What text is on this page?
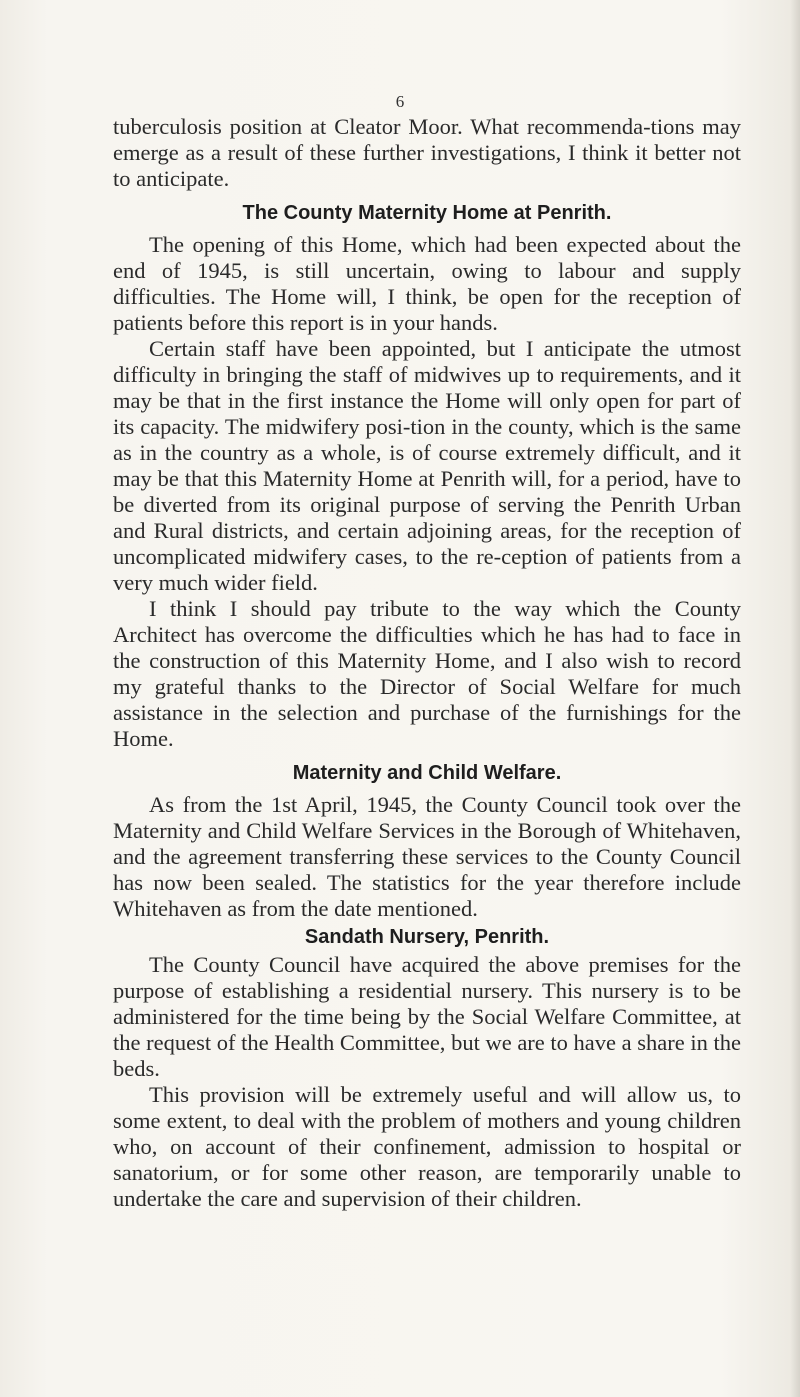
6

tuberculosis position at Cleator Moor. What recommenda-tions may emerge as a result of these further investigations, I think it better not to anticipate.

The County Maternity Home at Penrith.

The opening of this Home, which had been expected about the end of 1945, is still uncertain, owing to labour and supply difficulties. The Home will, I think, be open for the reception of patients before this report is in your hands.

Certain staff have been appointed, but I anticipate the utmost difficulty in bringing the staff of midwives up to requirements, and it may be that in the first instance the Home will only open for part of its capacity. The midwifery posi-tion in the county, which is the same as in the country as a whole, is of course extremely difficult, and it may be that this Maternity Home at Penrith will, for a period, have to be diverted from its original purpose of serving the Penrith Urban and Rural districts, and certain adjoining areas, for the reception of uncomplicated midwifery cases, to the re-ception of patients from a very much wider field.

I think I should pay tribute to the way which the County Architect has overcome the difficulties which he has had to face in the construction of this Maternity Home, and I also wish to record my grateful thanks to the Director of Social Welfare for much assistance in the selection and purchase of the furnishings for the Home.

Maternity and Child Welfare.

As from the 1st April, 1945, the County Council took over the Maternity and Child Welfare Services in the Borough of Whitehaven, and the agreement transferring these services to the County Council has now been sealed. The statistics for the year therefore include Whitehaven as from the date mentioned.

Sandath Nursery, Penrith.

The County Council have acquired the above premises for the purpose of establishing a residential nursery. This nursery is to be administered for the time being by the Social Welfare Committee, at the request of the Health Committee, but we are to have a share in the beds.

This provision will be extremely useful and will allow us, to some extent, to deal with the problem of mothers and young children who, on account of their confinement, admission to hospital or sanatorium, or for some other reason, are temporarily unable to undertake the care and supervision of their children.
